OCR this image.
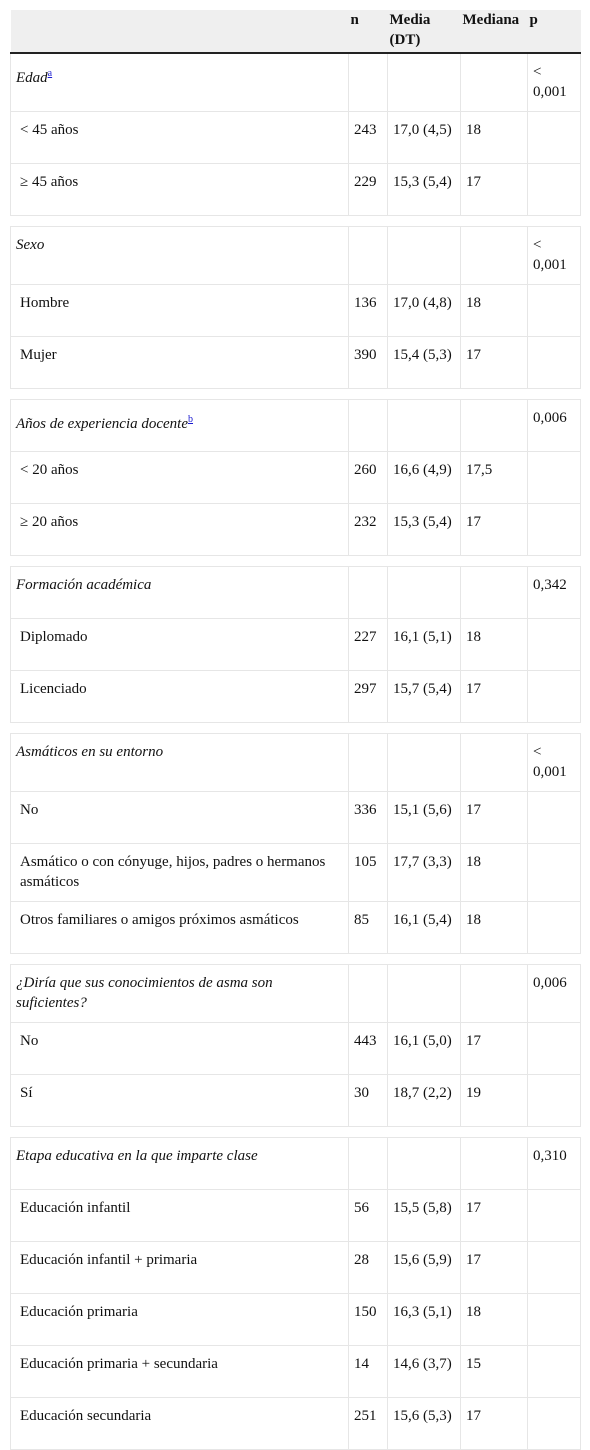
	n	Media (DT)	Mediana	p
Edad$^a$				< 0,001
< 45 años	243	17,0 (4,5)	18	
≥ 45 años	229	15,3 (5,4)	17	

Sexo				< 0,001
Hombre	136	17,0 (4,8)	18	
Mujer	390	15,4 (5,3)	17	

Años de experiencia docente$^b$				0,006
< 20 años	260	16,6 (4,9)	17,5	
≥ 20 años	232	15,3 (5,4)	17	

Formación académica				0,342
Diplomado	227	16,1 (5,1)	18	
Licenciado	297	15,7 (5,4)	17	

Asmáticos en su entorno				< 0,001
No	336	15,1 (5,6)	17	
Asmático o con cónyuge, hijos, padres o hermanos asmáticos	105	17,7 (3,3)	18	
Otros familiares o amigos próximos asmáticos	85	16,1 (5,4)	18	

¿Diría que sus conocimientos de asma son suficientes?				0,006
No	443	16,1 (5,0)	17	
Sí	30	18,7 (2,2)	19	

Etapa educativa en la que imparte clase				0,310
Educación infantil	56	15,5 (5,8)	17	
Educación infantil + primaria	28	15,6 (5,9)	17	
Educación primaria	150	16,3 (5,1)	18	
Educación primaria + secundaria	14	14,6 (3,7)	15	
Educación secundaria	251	15,6 (5,3)	17	
